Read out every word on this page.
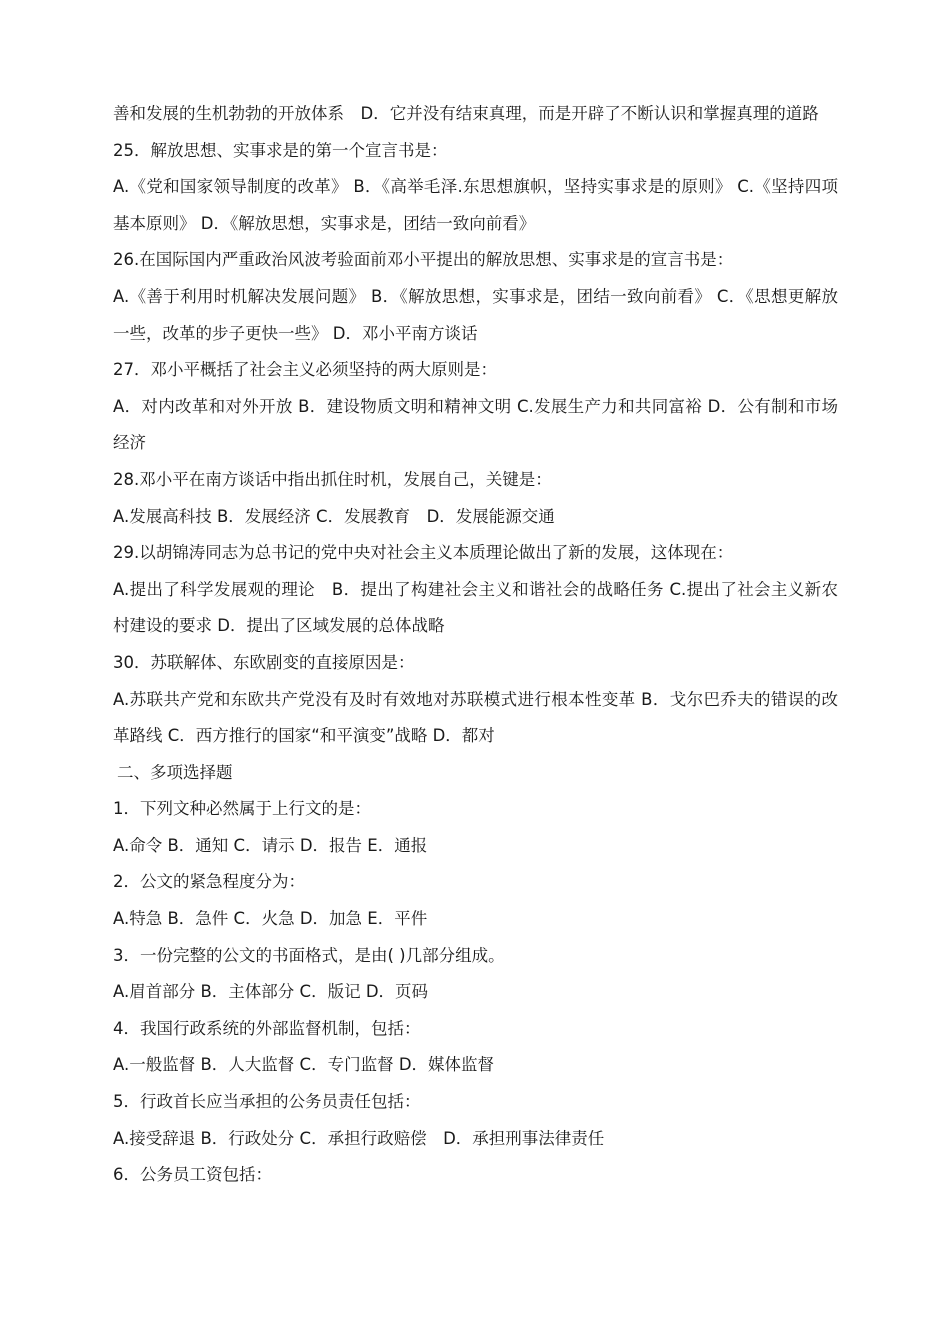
善和发展的生机勃勃的开放体系　D．它并没有结束真理，而是开辟了不断认识和掌握真理的道路

25．解放思想、实事求是的第一个宣言书是：

A.《党和国家领导制度的改革》 B．《高举毛泽.东思想旗帜，坚持实事求是的原则》 C.《坚持四项基本原则》 D．《解放思想，实事求是，团结一致向前看》

26.在国际国内严重政治风波考验面前邓小平提出的解放思想、实事求是的宣言书是：

A.《善于利用时机解决发展问题》 B．《解放思想，实事求是，团结一致向前看》 C．《思想更解放一些，改革的步子更快一些》 D．邓小平南方谈话

27．邓小平概括了社会主义必须坚持的两大原则是：

A．对内改革和对外开放 B．建设物质文明和精神文明 C.发展生产力和共同富裕 D．公有制和市场经济

28.邓小平在南方谈话中指出抓住时机，发展自己，关键是：

A.发展高科技 B．发展经济 C．发展教育　D．发展能源交通

29.以胡锦涛同志为总书记的党中央对社会主义本质理论做出了新的发展，这体现在：

A.提出了科学发展观的理论　B．提出了构建社会主义和谐社会的战略任务 C.提出了社会主义新农村建设的要求 D．提出了区域发展的总体战略

30．苏联解体、东欧剧变的直接原因是：

A.苏联共产党和东欧共产党没有及时有效地对苏联模式进行根本性变革 B．戈尔巴乔夫的错误的改革路线 C．西方推行的国家“和平演变”战略 D．都对

二、多项选择题

1．下列文种必然属于上行文的是：

A.命令 B．通知 C．请示 D．报告 E．通报

2．公文的紧急程度分为：

A.特急 B．急件 C．火急 D．加急 E．平件

3．一份完整的公文的书面格式，是由( )几部分组成。

A.眉首部分 B．主体部分 C．版记 D．页码

4．我国行政系统的外部监督机制，包括：

A.一般监督 B．人大监督 C．专门监督 D．媒体监督

5．行政首长应当承担的公务员责任包括：

A.接受辞退 B．行政处分 C．承担行政赔偿　D．承担刑事法律责任

6．公务员工资包括：
